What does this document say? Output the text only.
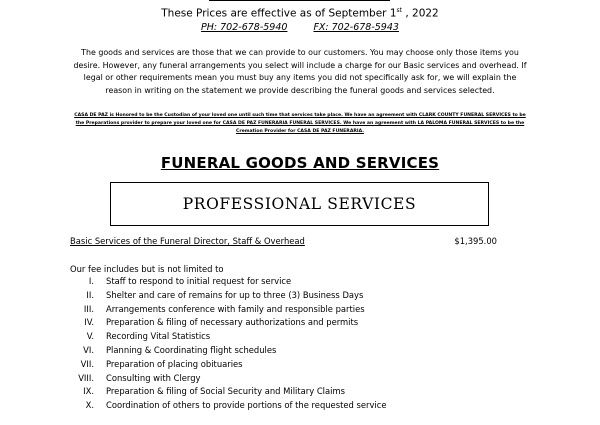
These Prices are effective as of September 1st , 2022
PH: 702-678-5940	FX: 702-678-5943
The goods and services are those that we can provide to our customers. You may choose only those items you desire. However, any funeral arrangements you select will include a charge for our Basic services and overhead. If legal or other requirements mean you must buy any items you did not specifically ask for, we will explain the reason in writing on the statement we provide describing the funeral goods and services selected.
CASA DE PAZ is Honored to be the Custodian of your loved one until such time that services take place. We have an agreement with CLARK COUNTY FUNERAL SERVICES to be the Preparations provider to prepare your loved one for CASA DE PAZ FUNERARIA FUNERAL SERVICES. We have an agreement with LA PALOMA FUNERAL SERVICES to be the Cremation Provider for CASA DE PAZ FUNERARIA.
FUNERAL GOODS AND SERVICES
PROFESSIONAL SERVICES
Basic Services of the Funeral Director, Staff & Overhead	$1,395.00
Our fee includes but is not limited to
I. Staff to respond to initial request for service
II. Shelter and care of remains for up to three (3) Business Days
III. Arrangements conference with family and responsible parties
IV. Preparation & filing of necessary authorizations and permits
V. Recording Vital Statistics
VI. Planning & Coordinating flight schedules
VII. Preparation of placing obituaries
VIII. Consulting with Clergy
IX. Preparation & filing of Social Security and Military Claims
X. Coordination of others to provide portions of the requested service
